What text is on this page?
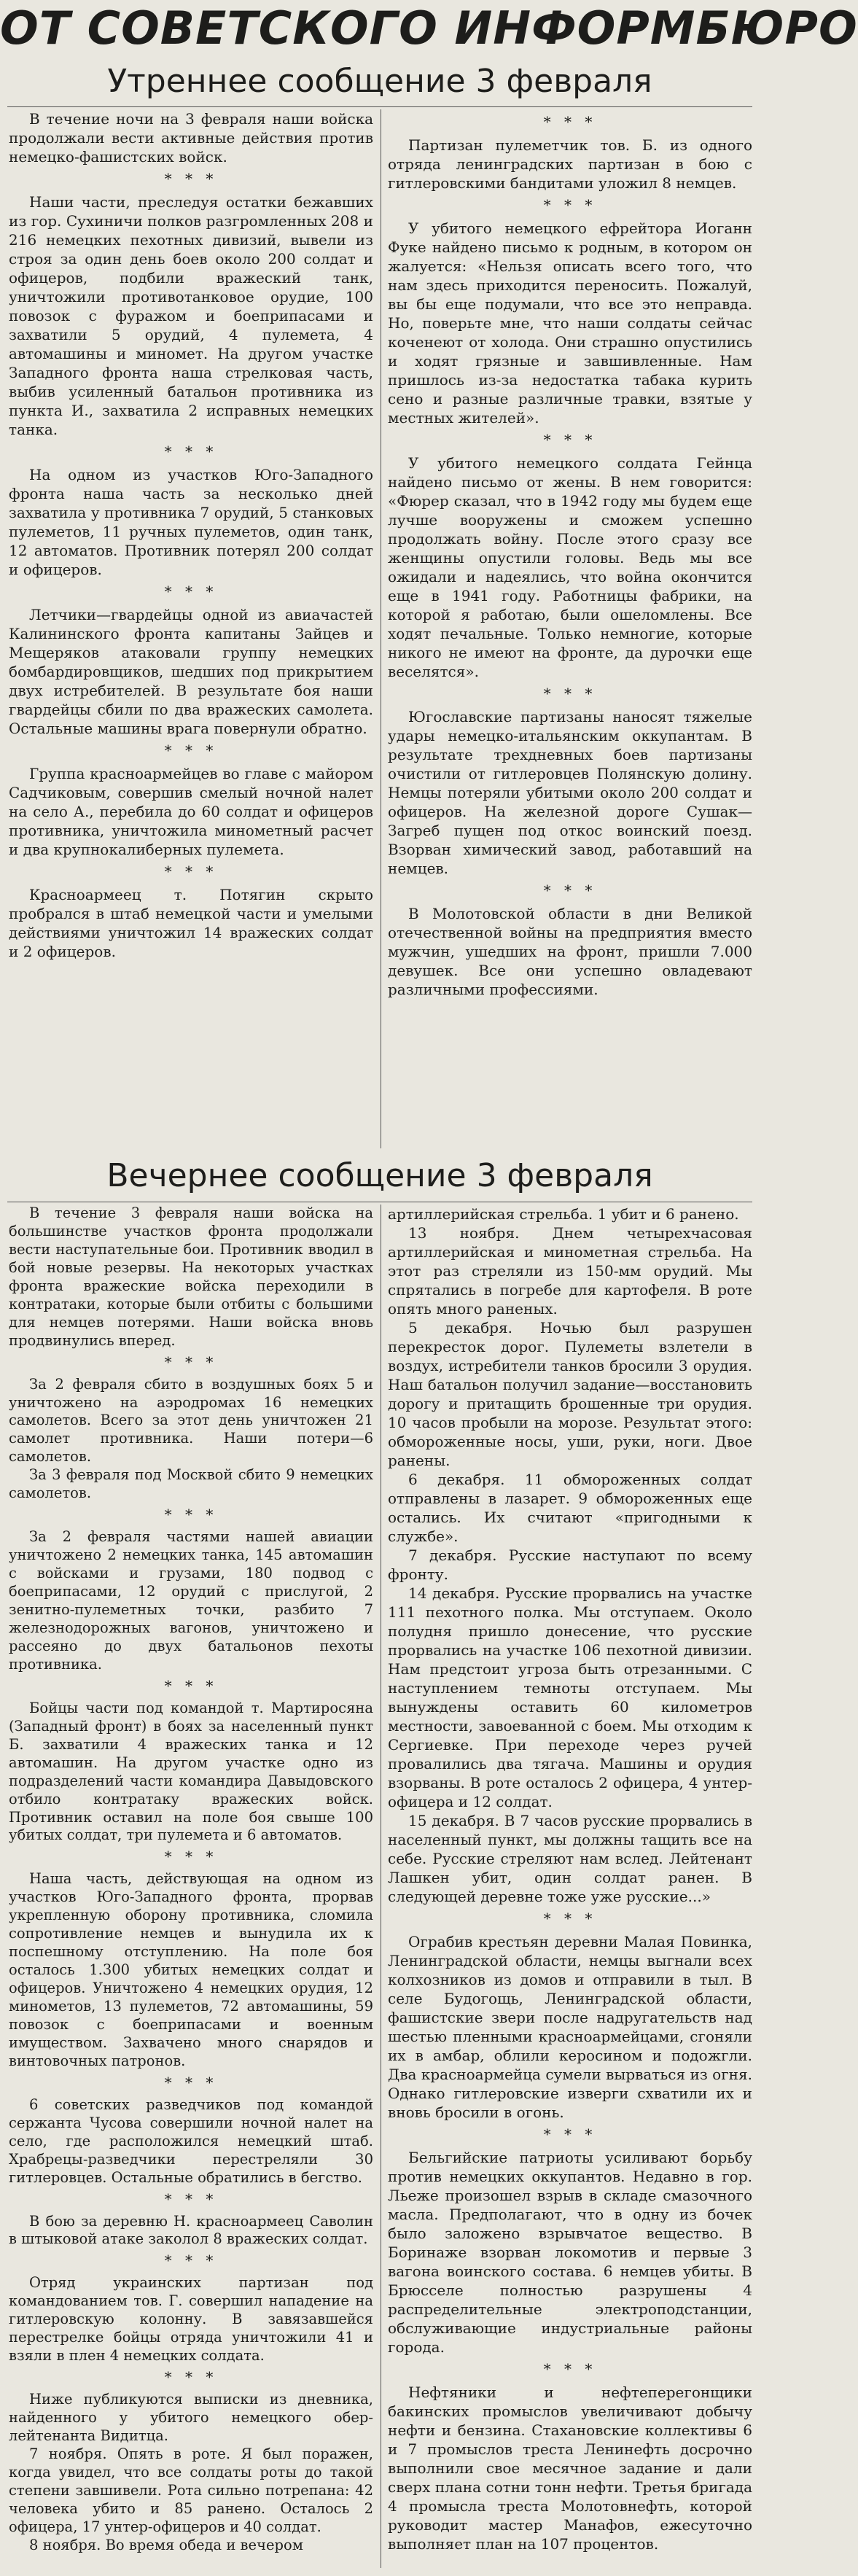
ОТ СОВЕТСКОГО ИНФОРМБЮРО
Утреннее сообщение 3 февраля

В течение ночи на 3 февраля наши войска продолжали вести активные действия против немецко-фашистских войск.

* * *

Наши части, преследуя остатки бежавших из гор. Сухиничи полков разгромленных 208 и 216 немецких пехотных дивизий, вывели из строя за один день боев около 200 солдат и офицеров, подбили вражеский танк, уничтожили противотанковое орудие, 100 повозок с фуражом и боеприпасами и захватили 5 орудий, 4 пулемета, 4 автомашины и миномет. На другом участке Западного фронта наша стрелковая часть, выбив усиленный батальон противника из пункта И., захватила 2 исправных немецких танка.

* * *

На одном из участков Юго-Западного фронта наша часть за несколько дней захватила у противника 7 орудий, 5 станковых пулеметов, 11 ручных пулеметов, один танк, 12 автоматов. Противник потерял 200 солдат и офицеров.

* * *

Летчики—гвардейцы одной из авиачастей Калининского фронта капитаны Зайцев и Мещеряков атаковали группу немецких бомбардировщиков, шедших под прикрытием двух истребителей. В результате боя наши гвардейцы сбили по два вражеских самолета. Остальные машины врага повернули обратно.

* * *

Группа красноармейцев во главе с майором Садчиковым, совершив смелый ночной налет на село А., перебила до 60 солдат и офицеров противника, уничтожила минометный расчет и два крупнокалиберных пулемета.

* * *

Красноармеец т. Потягин скрыто пробрался в штаб немецкой части и умелыми действиями уничтожил 14 вражеских солдат и 2 офицеров.

* * *

Партизан пулеметчик тов. Б. из одного отряда ленинградских партизан в бою с гитлеровскими бандитами уложил 8 немцев.

* * *

У убитого немецкого ефрейтора Иоганн Фуке найдено письмо к родным, в котором он жалуется: «Нельзя описать всего того, что нам здесь приходится переносить. Пожалуй, вы бы еще подумали, что все это неправда. Но, поверьте мне, что наши солдаты сейчас коченеют от холода. Они страшно опустились и ходят грязные и завшивленные. Нам пришлось из-за недостатка табака курить сено и разные различные травки, взятые у местных жителей».

* * *

У убитого немецкого солдата Гейнца найдено письмо от жены. В нем говорится: «Фюрер сказал, что в 1942 году мы будем еще лучше вооружены и сможем успешно продолжать войну. После этого сразу все женщины опустили головы. Ведь мы все ожидали и надеялись, что война окончится еще в 1941 году. Работницы фабрики, на которой я работаю, были ошеломлены. Все ходят печальные. Только немногие, которые никого не имеют на фронте, да дурочки еще веселятся».

* * *

Югославские партизаны наносят тяжелые удары немецко-итальянским оккупантам. В результате трехдневных боев партизаны очистили от гитлеровцев Полянскую долину. Немцы потеряли убитыми около 200 солдат и офицеров. На железной дороге Сушак—Загреб пущен под откос воинский поезд. Взорван химический завод, работавший на немцев.

* * *

В Молотовской области в дни Великой отечественной войны на предприятия вместо мужчин, ушедших на фронт, пришли 7.000 девушек. Все они успешно овладевают различными профессиями.

Вечернее сообщение 3 февраля

В течение 3 февраля наши войска на большинстве участков фронта продолжали вести наступательные бои. Противник вводил в бой новые резервы. На некоторых участках фронта вражеские войска переходили в контратаки, которые были отбиты с большими для немцев потерями. Наши войска вновь продвинулись вперед.

* * *

За 2 февраля сбито в воздушных боях 5 и уничтожено на аэродромах 16 немецких самолетов. Всего за этот день уничтожен 21 самолет противника. Наши потери—6 самолетов.

За 3 февраля под Москвой сбито 9 немецких самолетов.

* * *

За 2 февраля частями нашей авиации уничтожено 2 немецких танка, 145 автомашин с войсками и грузами, 180 подвод с боеприпасами, 12 орудий с прислугой, 2 зенитно-пулеметных точки, разбито 7 железнодорожных вагонов, уничтожено и рассеяно до двух батальонов пехоты противника.

* * *

Бойцы части под командой т. Мартиросяна (Западный фронт) в боях за населенный пункт Б. захватили 4 вражеских танка и 12 автомашин. На другом участке одно из подразделений части командира Давыдовского отбило контратаку вражеских войск. Противник оставил на поле боя свыше 100 убитых солдат, три пулемета и 6 автоматов.

* * *

Наша часть, действующая на одном из участков Юго-Западного фронта, прорвав укрепленную оборону противника, сломила сопротивление немцев и вынудила их к поспешному отступлению. На поле боя осталось 1.300 убитых немецких солдат и офицеров. Уничтожено 4 немецких орудия, 12 минометов, 13 пулеметов, 72 автомашины, 59 повозок с боеприпасами и военным имуществом. Захвачено много снарядов и винтовочных патронов.

* * *

6 советских разведчиков под командой сержанта Чусова совершили ночной налет на село, где расположился немецкий штаб. Храбрецы-разведчики перестреляли 30 гитлеровцев. Остальные обратились в бегство.

* * *

В бою за деревню Н. красноармеец Саволин в штыковой атаке заколол 8 вражеских солдат.

* * *

Отряд украинских партизан под командованием тов. Г. совершил нападение на гитлеровскую колонну. В завязавшейся перестрелке бойцы отряда уничтожили 41 и взяли в плен 4 немецких солдата.

* * *

Ниже публикуются выписки из дневника, найденного у убитого немецкого обер-лейтенанта Видитца.

7 ноября. Опять в роте. Я был поражен, когда увидел, что все солдаты роты до такой степени завшивели. Рота сильно потрепана: 42 человека убито и 85 ранено. Осталось 2 офицера, 17 унтер-офицеров и 40 солдат.

8 ноября. Во время обеда и вечером

артиллерийская стрельба. 1 убит и 6 ранено.

13 ноября. Днем четырехчасовая артиллерийская и минометная стрельба. На этот раз стреляли из 150-мм орудий. Мы спрятались в погребе для картофеля. В роте опять много раненых.

5 декабря. Ночью был разрушен перекресток дорог. Пулеметы взлетели в воздух, истребители танков бросили 3 орудия. Наш батальон получил задание—восстановить дорогу и притащить брошенные три орудия. 10 часов пробыли на морозе. Результат этого: обмороженные носы, уши, руки, ноги. Двое ранены.

6 декабря. 11 обмороженных солдат отправлены в лазарет. 9 обмороженных еще остались. Их считают «пригодными к службе».

7 декабря. Русские наступают по всему фронту.

14 декабря. Русские прорвались на участке 111 пехотного полка. Мы отступаем. Около полудня пришло донесение, что русские прорвались на участке 106 пехотной дивизии. Нам предстоит угроза быть отрезанными. С наступлением темноты отступаем. Мы вынуждены оставить 60 километров местности, завоеванной с боем. Мы отходим к Сергиевке. При переходе через ручей провалились два тягача. Машины и орудия взорваны. В роте осталось 2 офицера, 4 унтер-офицера и 12 солдат.

15 декабря. В 7 часов русские прорвались в населенный пункт, мы должны тащить все на себе. Русские стреляют нам вслед. Лейтенант Лашкен убит, один солдат ранен. В следующей деревне тоже уже русские...»

* * *

Ограбив крестьян деревни Малая Повинка, Ленинградской области, немцы выгнали всех колхозников из домов и отправили в тыл. В селе Будогощь, Ленинградской области, фашистские звери после надругательств над шестью пленными красноармейцами, сгоняли их в амбар, облили керосином и подожгли. Два красноармейца сумели вырваться из огня. Однако гитлеровские изверги схватили их и вновь бросили в огонь.

* * *

Бельгийские патриоты усиливают борьбу против немецких оккупантов. Недавно в гор. Льеже произошел взрыв в складе смазочного масла. Предполагают, что в одну из бочек было заложено взрывчатое вещество. В Боринаже взорван локомотив и первые 3 вагона воинского состава. 6 немцев убиты. В Брюсселе полностью разрушены 4 распределительные электроподстанции, обслуживающие индустриальные районы города.

* * *

Нефтяники и нефтеперегонщики бакинских промыслов увеличивают добычу нефти и бензина. Стахановские коллективы 6 и 7 промыслов треста Ленинефть досрочно выполнили свое месячное задание и дали сверх плана сотни тонн нефти. Третья бригада 4 промысла треста Молотовнефть, которой руководит мастер Манафов, ежесуточно выполняет план на 107 процентов.
